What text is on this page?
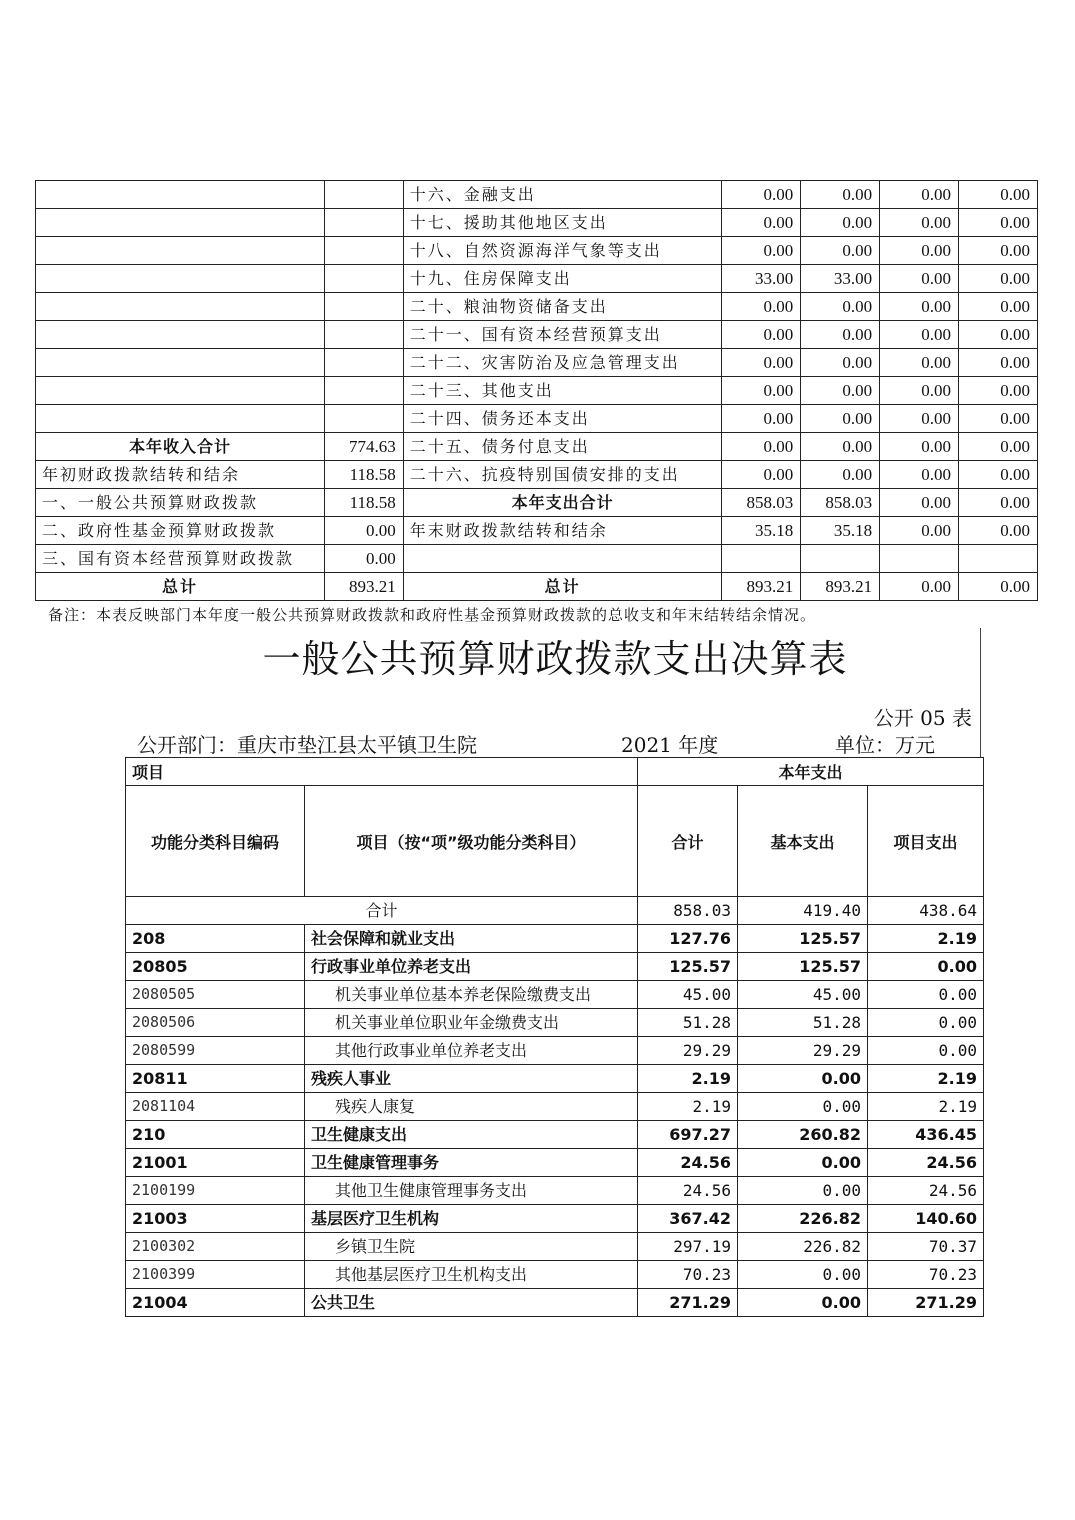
		十六、金融支出	0.00	0.00	0.00	0.00
		十七、援助其他地区支出	0.00	0.00	0.00	0.00
		十八、自然资源海洋气象等支出	0.00	0.00	0.00	0.00
		十九、住房保障支出	33.00	33.00	0.00	0.00
		二十、粮油物资储备支出	0.00	0.00	0.00	0.00
		二十一、国有资本经营预算支出	0.00	0.00	0.00	0.00
		二十二、灾害防治及应急管理支出	0.00	0.00	0.00	0.00
		二十三、其他支出	0.00	0.00	0.00	0.00
		二十四、债务还本支出	0.00	0.00	0.00	0.00
本年收入合计	774.63	二十五、债务付息支出	0.00	0.00	0.00	0.00
年初财政拨款结转和结余	118.58	二十六、抗疫特别国债安排的支出	0.00	0.00	0.00	0.00
一、一般公共预算财政拨款	118.58	本年支出合计	858.03	858.03	0.00	0.00
二、政府性基金预算财政拨款	0.00	年末财政拨款结转和结余	35.18	35.18	0.00	0.00
三、国有资本经营预算财政拨款	0.00					
总计	893.21	总计	893.21	893.21	0.00	0.00
备注：本表反映部门本年度一般公共预算财政拨款和政府性基金预算财政拨款的总收支和年末结转结余情况。
一般公共预算财政拨款支出决算表
公开 05 表
公开部门：重庆市垫江县太平镇卫生院	2021 年度	单位：万元
项目		本年支出		
功能分类科目编码	项目（按“项”级功能分类科目）	合计	基本支出	项目支出
合计		858.03	419.40	438.64
208	社会保障和就业支出	127.76	125.57	2.19
20805	行政事业单位养老支出	125.57	125.57	0.00
2080505	机关事业单位基本养老保险缴费支出	45.00	45.00	0.00
2080506	机关事业单位职业年金缴费支出	51.28	51.28	0.00
2080599	其他行政事业单位养老支出	29.29	29.29	0.00
20811	残疾人事业	2.19	0.00	2.19
2081104	残疾人康复	2.19	0.00	2.19
210	卫生健康支出	697.27	260.82	436.45
21001	卫生健康管理事务	24.56	0.00	24.56
2100199	其他卫生健康管理事务支出	24.56	0.00	24.56
21003	基层医疗卫生机构	367.42	226.82	140.60
2100302	乡镇卫生院	297.19	226.82	70.37
2100399	其他基层医疗卫生机构支出	70.23	0.00	70.23
21004	公共卫生	271.29	0.00	271.29
